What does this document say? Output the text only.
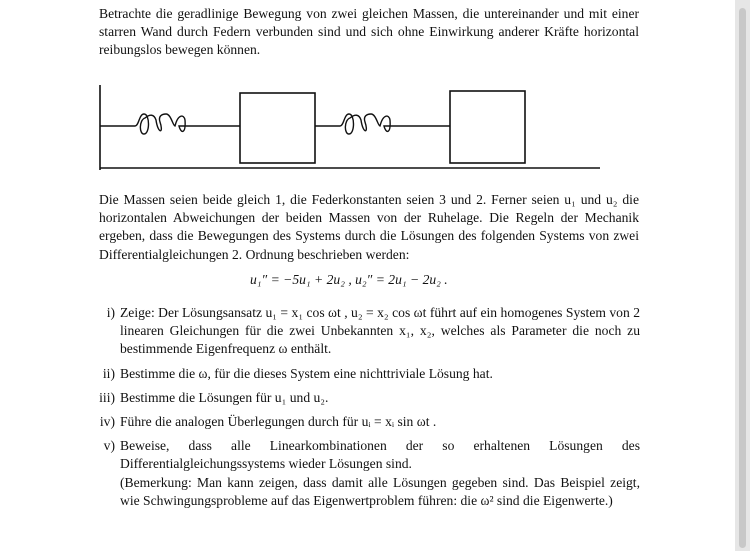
Betrachte die geradlinige Bewegung von zwei gleichen Massen, die untereinander und mit einer starren Wand durch Federn verbunden sind und sich ohne Einwirkung anderer Kräfte horizontal reibungslos bewegen können.
Die Massen seien beide gleich 1, die Federkonstanten seien 3 und 2. Ferner seien u₁ und u₂ die horizontalen Abweichungen der beiden Massen von der Ruhelage. Die Regeln der Mechanik ergeben, dass die Bewegungen des Systems durch die Lösungen des folgenden Systems von zwei Differentialgleichungen 2. Ordnung beschrieben werden:
u₁″ = −5u₁ + 2u₂ , u₂″ = 2u₁ − 2u₂ .
i) Zeige: Der Lösungsansatz u₁ = x₁ cos ωt , u₂ = x₂ cos ωt führt auf ein homogenes System von 2 linearen Gleichungen für die zwei Unbekannten x₁, x₂, welches als Parameter die noch zu bestimmende Eigenfrequenz ω enthält.
ii) Bestimme die ω, für die dieses System eine nichttriviale Lösung hat.
iii) Bestimme die Lösungen für u₁ und u₂.
iv) Führe die analogen Überlegungen durch für uᵢ = xᵢ sin ωt .
v) Beweise, dass alle Linearkombinationen der so erhaltenen Lösungen des Differentialgleichungssystems wieder Lösungen sind.
(Bemerkung: Man kann zeigen, dass damit alle Lösungen gegeben sind. Das Beispiel zeigt, wie Schwingungsprobleme auf das Eigenwertproblem führen: die ω² sind die Eigenwerte.)
